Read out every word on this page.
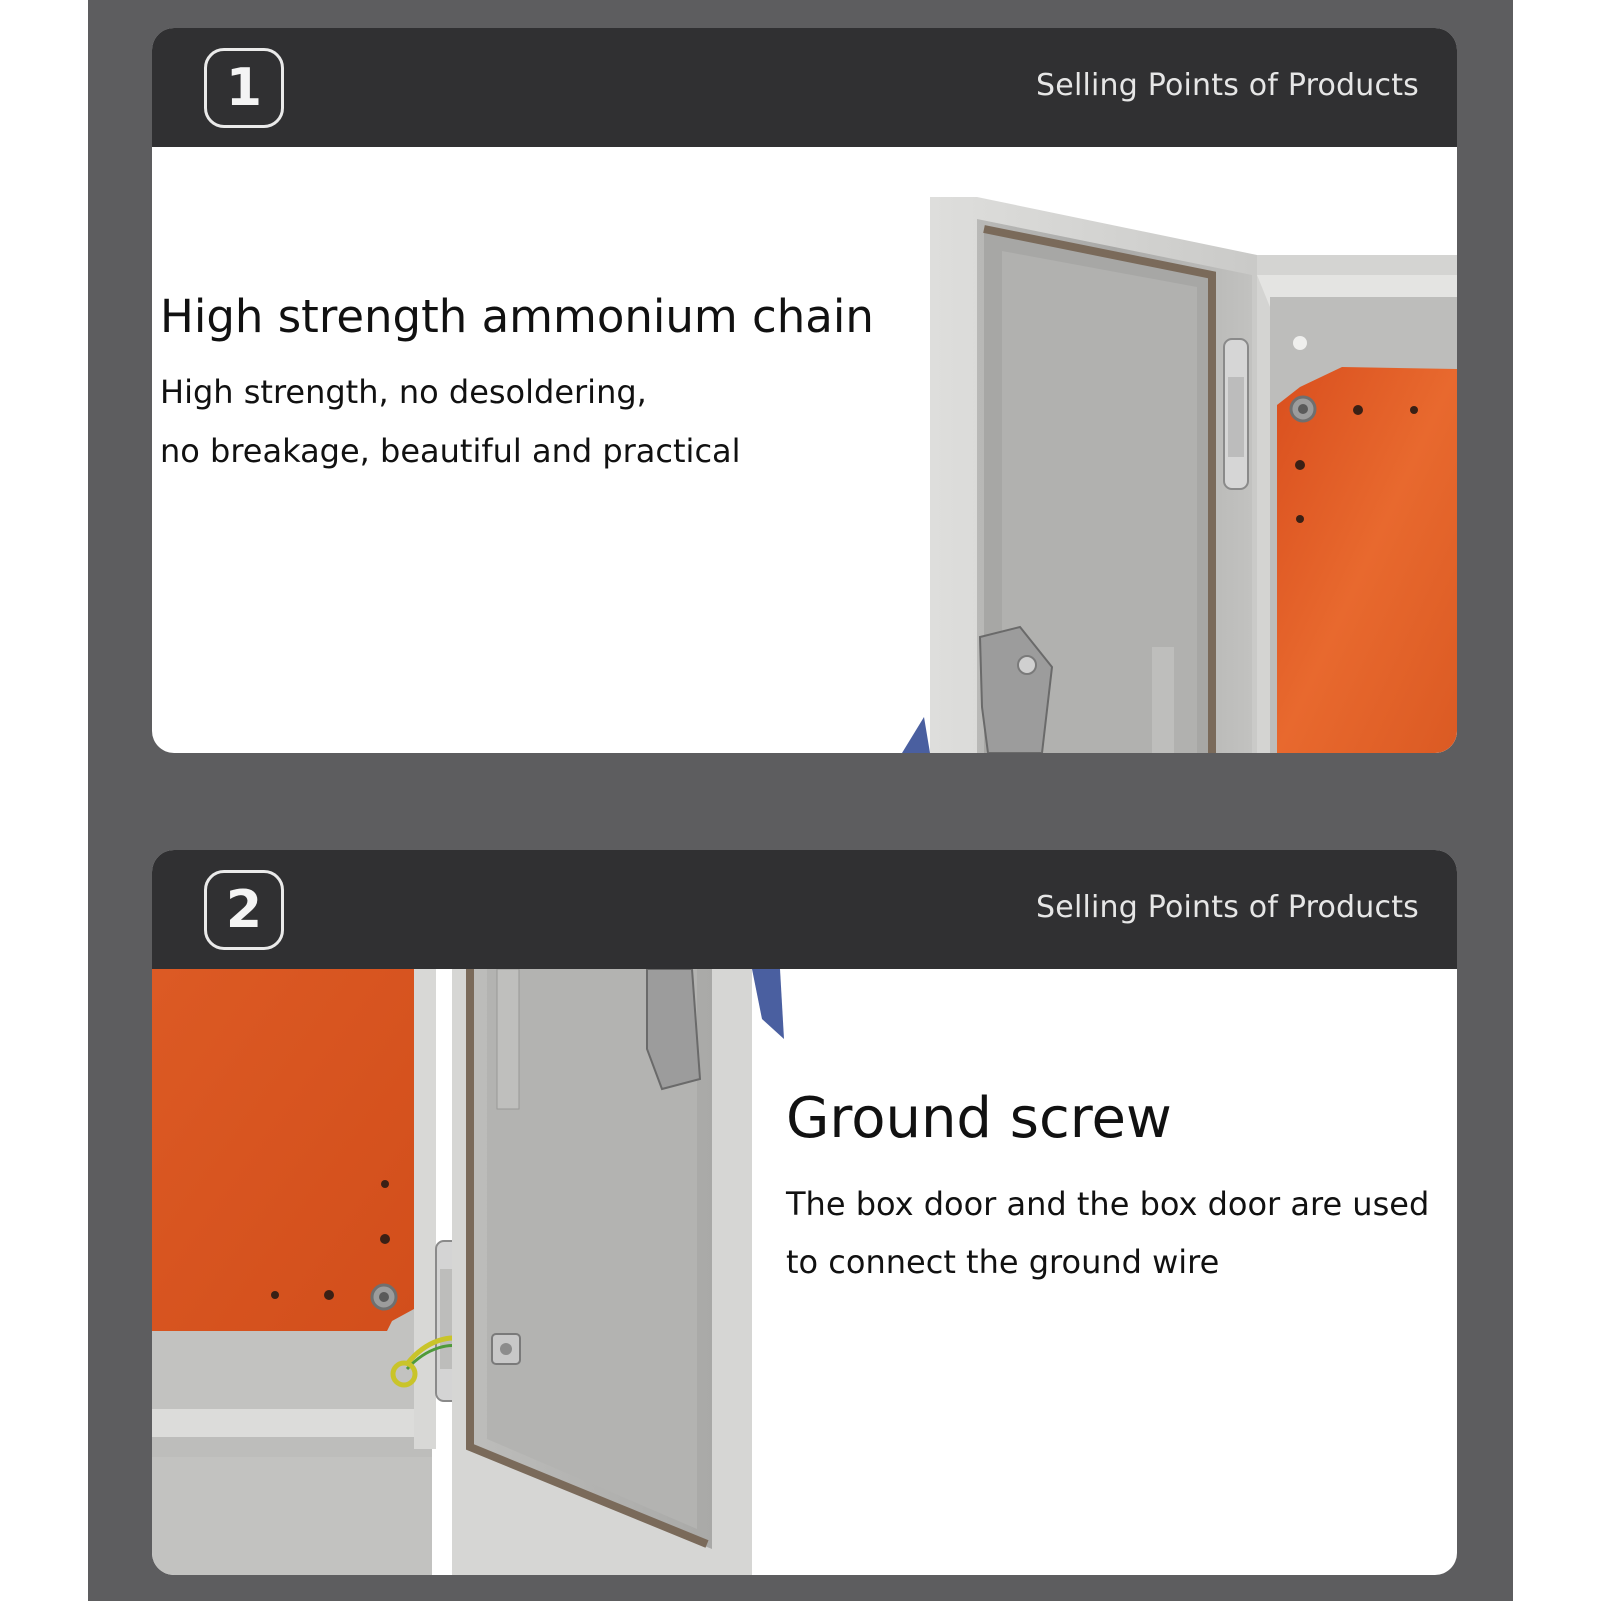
1	Selling Points of Products
High strength ammonium chain
High strength, no desoldering,
no breakage, beautiful and practical
2	Selling Points of Products
Ground screw
The box door and the box door are used
to connect the ground wire
